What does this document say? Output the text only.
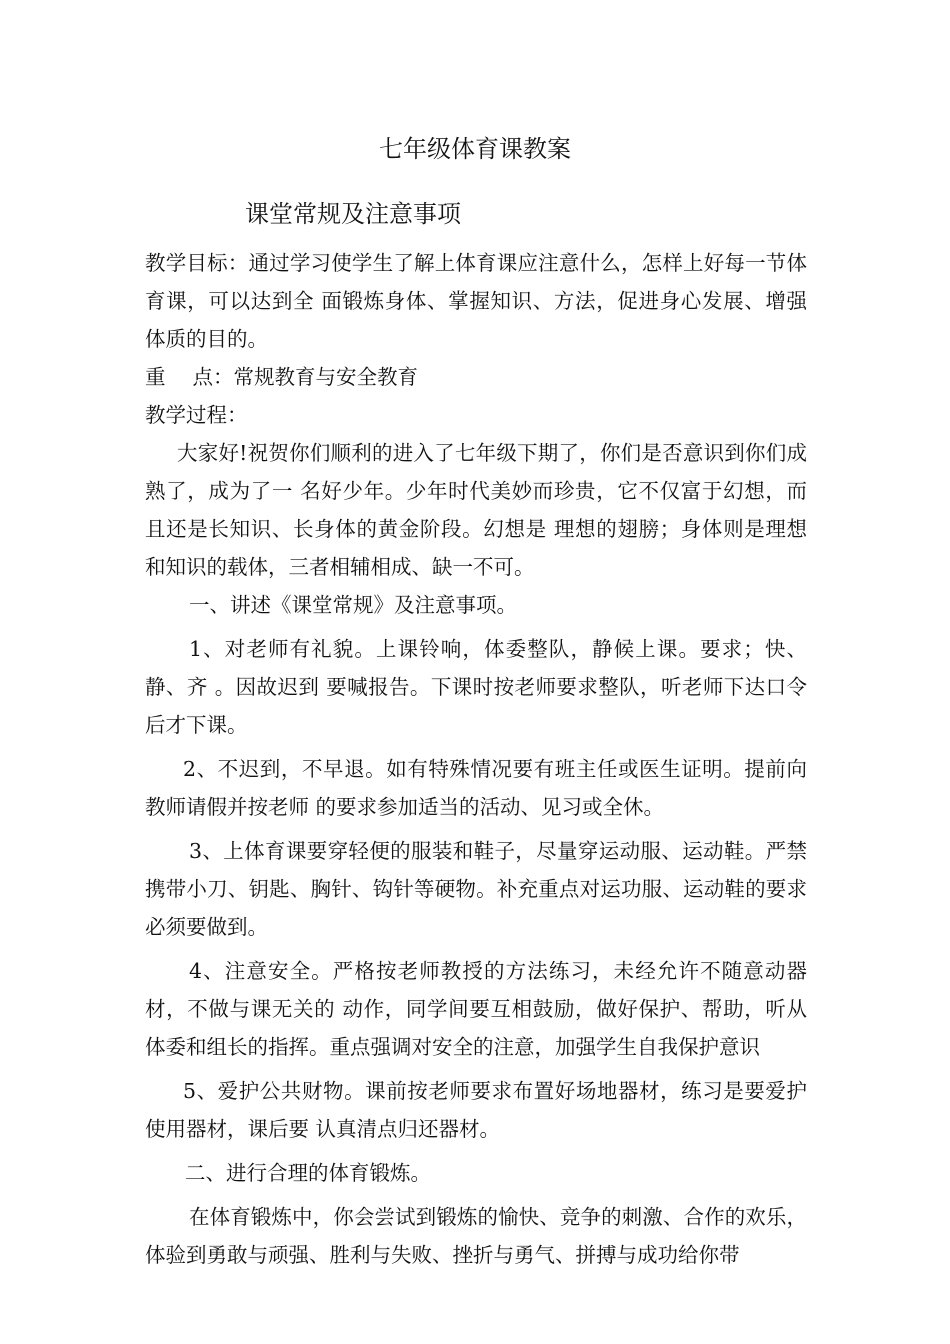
七年级体育课教案
课堂常规及注意事项

教学目标：通过学习使学生了解上体育课应注意什么，怎样上好每一节体育课，可以达到全 面锻炼身体、掌握知识、方法，促进身心发展、增强体质的目的。

重　 点：常规教育与安全教育

教学过程：

大家好!祝贺你们顺利的进入了七年级下期了，你们是否意识到你们成熟了，成为了一 名好少年。少年时代美妙而珍贵，它不仅富于幻想，而且还是长知识、长身体的黄金阶段。幻想是 理想的翅膀；身体则是理想和知识的载体，三者相辅相成、缺一不可。

一、讲述《课堂常规》及注意事项。

1、对老师有礼貌。上课铃响，体委整队，静候上课。要求；快、静、齐 。因故迟到 要喊报告。下课时按老师要求整队，听老师下达口令后才下课。

2、不迟到，不早退。如有特殊情况要有班主任或医生证明。提前向教师请假并按老师 的要求参加适当的活动、见习或全休。

3、上体育课要穿轻便的服装和鞋子，尽量穿运动服、运动鞋。严禁携带小刀、钥匙、胸针、钩针等硬物。补充重点对运功服、运动鞋的要求必须要做到。

4、注意安全。严格按老师教授的方法练习，未经允许不随意动器材，不做与课无关的 动作，同学间要互相鼓励，做好保护、帮助，听从体委和组长的指挥。重点强调对安全的注意，加强学生自我保护意识

5、爱护公共财物。课前按老师要求布置好场地器材，练习是要爱护使用器材，课后要 认真清点归还器材。

二、进行合理的体育锻炼。

在体育锻炼中，你会尝试到锻炼的愉快、竞争的刺激、合作的欢乐，体验到勇敢与顽强、胜利与失败、挫折与勇气、拼搏与成功给你带
